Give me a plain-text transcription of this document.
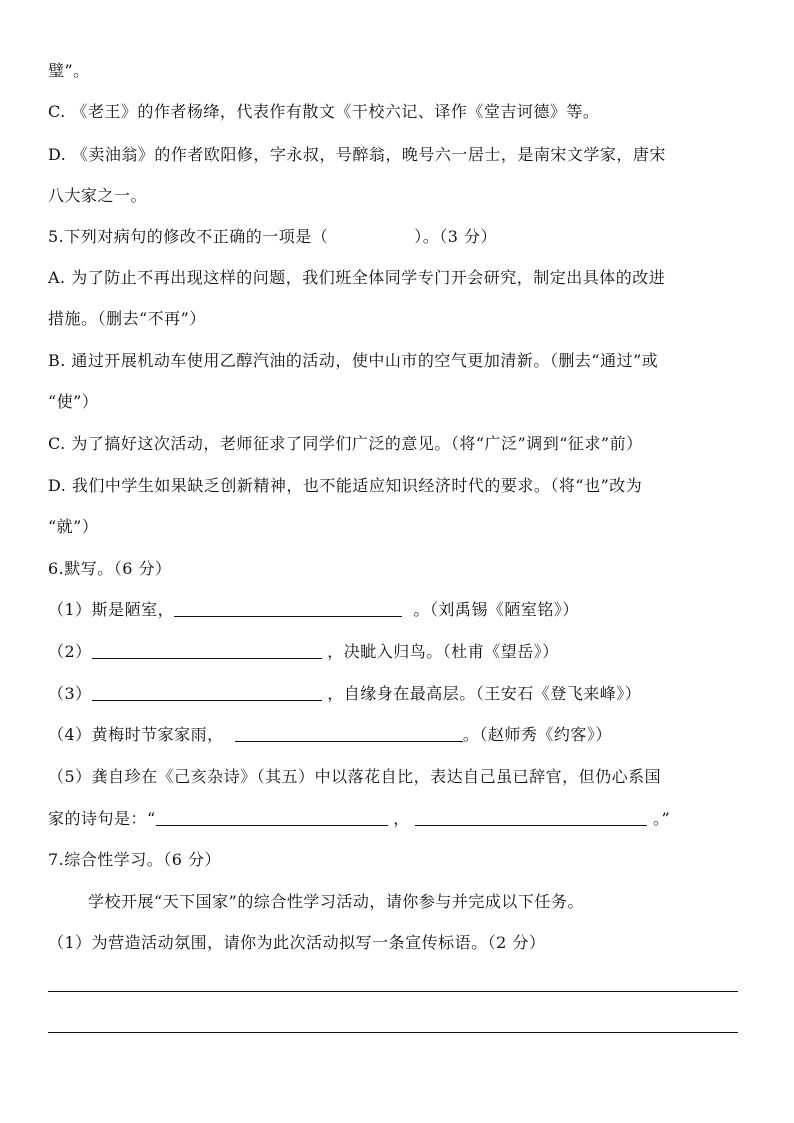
璧”。
C. 《老王》的作者杨绛，代表作有散文《干校六记、译作《堂吉诃德》等。
D. 《卖油翁》的作者欧阳修，字永叔，号醉翁，晚号六一居士，是南宋文学家，唐宋
八大家之一。
5.下列对病句的修改不正确的一项是（	）。（3 分）
A. 为了防止不再出现这样的问题，我们班全体同学专门开会研究，制定出具体的改进
措施。（删去“不再”）
B. 通过开展机动车使用乙醇汽油的活动，使中山市的空气更加清新。（删去“通过”或
“使”）
C. 为了搞好这次活动，老师征求了同学们广泛的意见。（将“广泛”调到“征求”前）
D. 我们中学生如果缺乏创新精神，也不能适应知识经济时代的要求。（将“也”改为
“就”）
6.默写。（6 分）
（1）斯是陋室，	。（刘禹锡《陋室铭》）
（2）	，决眦入归鸟。（杜甫《望岳》）
（3）	，自缘身在最高层。（王安石《登飞来峰》）
（4）黄梅时节家家雨，	。（赵师秀《约客》）
（5）龚自珍在《己亥杂诗》（其五）中以落花自比，表达自己虽已辞官，但仍心系国
家的诗句是：“	，	。”
7.综合性学习。（6 分）
学校开展“天下国家”的综合性学习活动，请你参与并完成以下任务。
（1）为营造活动氛围，请你为此次活动拟写一条宣传标语。（2 分）
